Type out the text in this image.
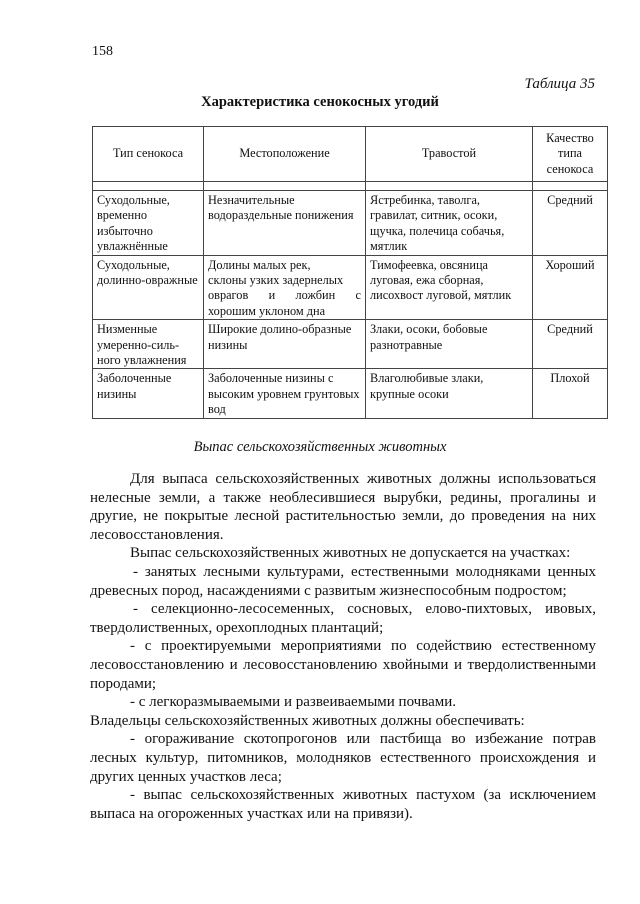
158
Таблица 35
Характеристика сенокосных угодий
Тип сенокоса	Местоположение	Травостой	Качество типа сенокоса

Суходольные, временно избыточно увлажнённые	Незначительные водораздельные понижения	Ястребинка, таволга, гравилат, ситник, осоки, щучка, полечица собачья, мятлик	Средний
Суходольные, долинно-овражные	Долины малых рек,
склоны узких задернелых
оврагов и ложбин с
хорошим уклоном дна	Тимофеевка, овсяница луговая, ежа сборная, лисохвост луговой, мятлик	Хороший
Низменные умеренно-силь-ного увлажнения	Широкие долино-образные низины	Злаки, осоки, бобовые разнотравные	Средний
Заболоченные низины	Заболоченные низины с высоким уровнем грунтовых вод	Влаголюбивые злаки, крупные осоки	Плохой
Выпас сельскохозяйственных животных

Для выпаса сельскохозяйственных животных должны использоваться нелесные земли, а также необлесившиеся вырубки, редины, прогалины и другие, не покрытые лесной растительностью земли, до проведения на них лесовосстановления.

Выпас сельскохозяйственных животных не допускается на участках:

- занятых лесными культурами, естественными молодняками ценных древесных пород, насаждениями с развитым жизнеспособным подростом;

- селекционно-лесосеменных, сосновых, елово-пихтовых, ивовых, твердолиственных, орехоплодных плантаций;

- с проектируемыми мероприятиями по содействию естественному лесовосстановлению и лесовосстановлению хвойными и твердолиственными породами;

- с легкоразмываемыми и развеиваемыми почвами.

Владельцы сельскохозяйственных животных должны обеспечивать:

- огораживание скотопрогонов или пастбища во избежание потрав лесных культур, питомников, молодняков естественного происхождения и других ценных участков леса;

- выпас сельскохозяйственных животных пастухом (за исключением выпаса на огороженных участках или на привязи).
